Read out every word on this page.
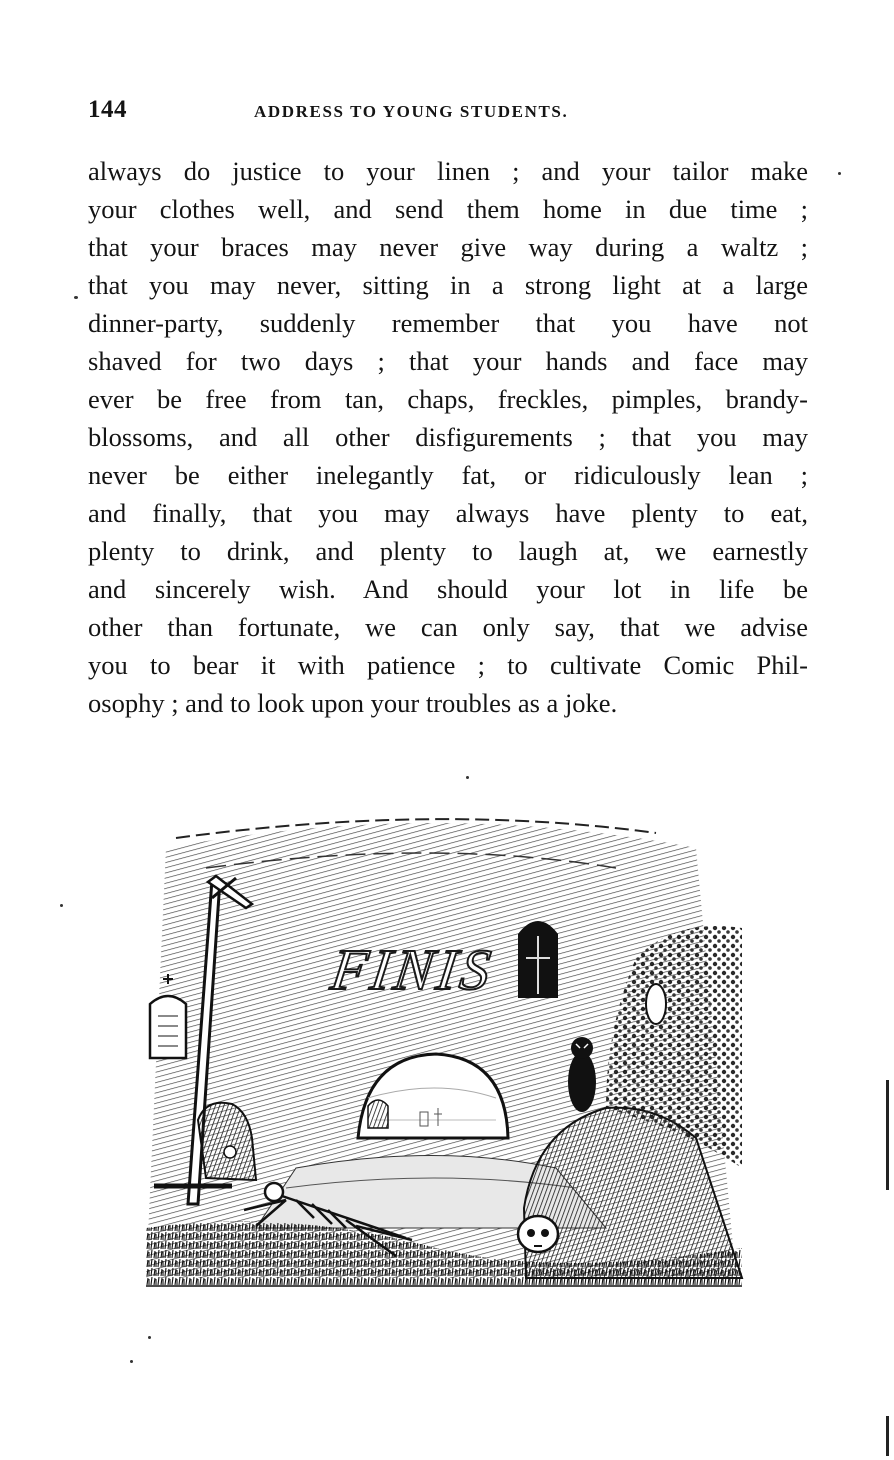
144	ADDRESS TO YOUNG STUDENTS.
always do justice to your linen ; and your tailor make
your clothes well, and send them home in due time ;
that your braces may never give way during a waltz ;
that you may never, sitting in a strong light at a large
dinner-party, suddenly remember that you have not
shaved for two days ; that your hands and face may
ever be free from tan, chaps, freckles, pimples, brandy-
blossoms, and all other disfigurements ; that you may
never be either inelegantly fat, or ridiculously lean ;
and finally, that you may always have plenty to eat,
plenty to drink, and plenty to laugh at, we earnestly
and sincerely wish. And should your lot in life be
other than fortunate, we can only say, that we advise
you to bear it with patience ; to cultivate Comic Phil-
osophy ; and to look upon your troubles as a joke.
FINIS
